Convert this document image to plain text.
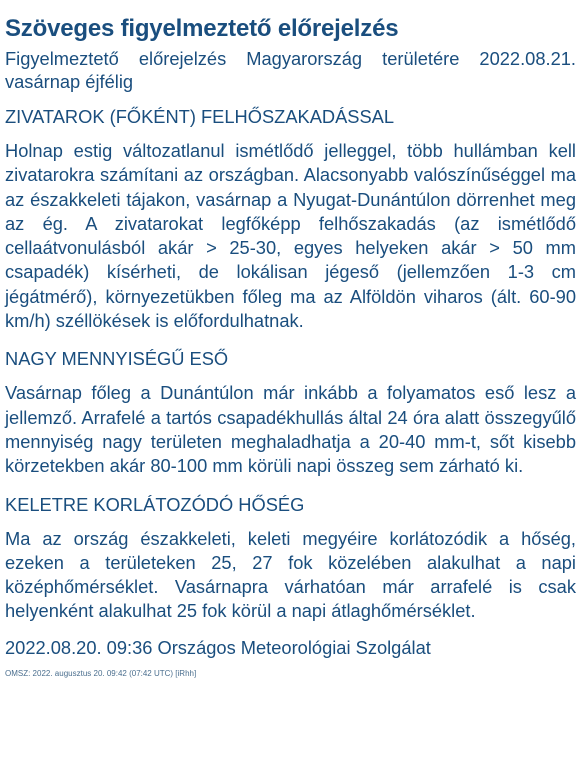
Szöveges figyelmeztető előrejelzés

Figyelmeztető előrejelzés Magyarország területére 2022.08.21. vasárnap éjfélig

ZIVATAROK (FŐKÉNT) FELHŐSZAKADÁSSAL

Holnap estig változatlanul ismétlődő jelleggel, több hullámban kell zivatarokra számítani az országban. Alacsonyabb valószínűséggel ma az északkeleti tájakon, vasárnap a Nyugat-Dunántúlon dörrenhet meg az ég. A zivatarokat legfőképp felhőszakadás (az ismétlődő cellaátvonulásból akár > 25-30, egyes helyeken akár > 50 mm csapadék) kísérheti, de lokálisan jégeső (jellemzően 1-3 cm jégátmérő), környezetükben főleg ma az Alföldön viharos (ált. 60-90 km/h) széllökések is előfordulhatnak.

NAGY MENNYISÉGŰ ESŐ

Vasárnap főleg a Dunántúlon már inkább a folyamatos eső lesz a jellemző. Arrafelé a tartós csapadékhullás által 24 óra alatt összegyűlő mennyiség nagy területen meghaladhatja a 20-40 mm-t, sőt kisebb körzetekben akár 80-100 mm körüli napi összeg sem zárható ki.

KELETRE KORLÁTOZÓDÓ HŐSÉG

Ma az ország északkeleti, keleti megyéire korlátozódik a hőség, ezeken a területeken 25, 27 fok közelében alakulhat a napi középhőmérséklet. Vasárnapra várhatóan már arrafelé is csak helyenként alakulhat 25 fok körül a napi átlaghőmérséklet.

2022.08.20. 09:36 Országos Meteorológiai Szolgálat
OMSZ: 2022. augusztus 20. 09:42 (07:42 UTC) [iRhh]
